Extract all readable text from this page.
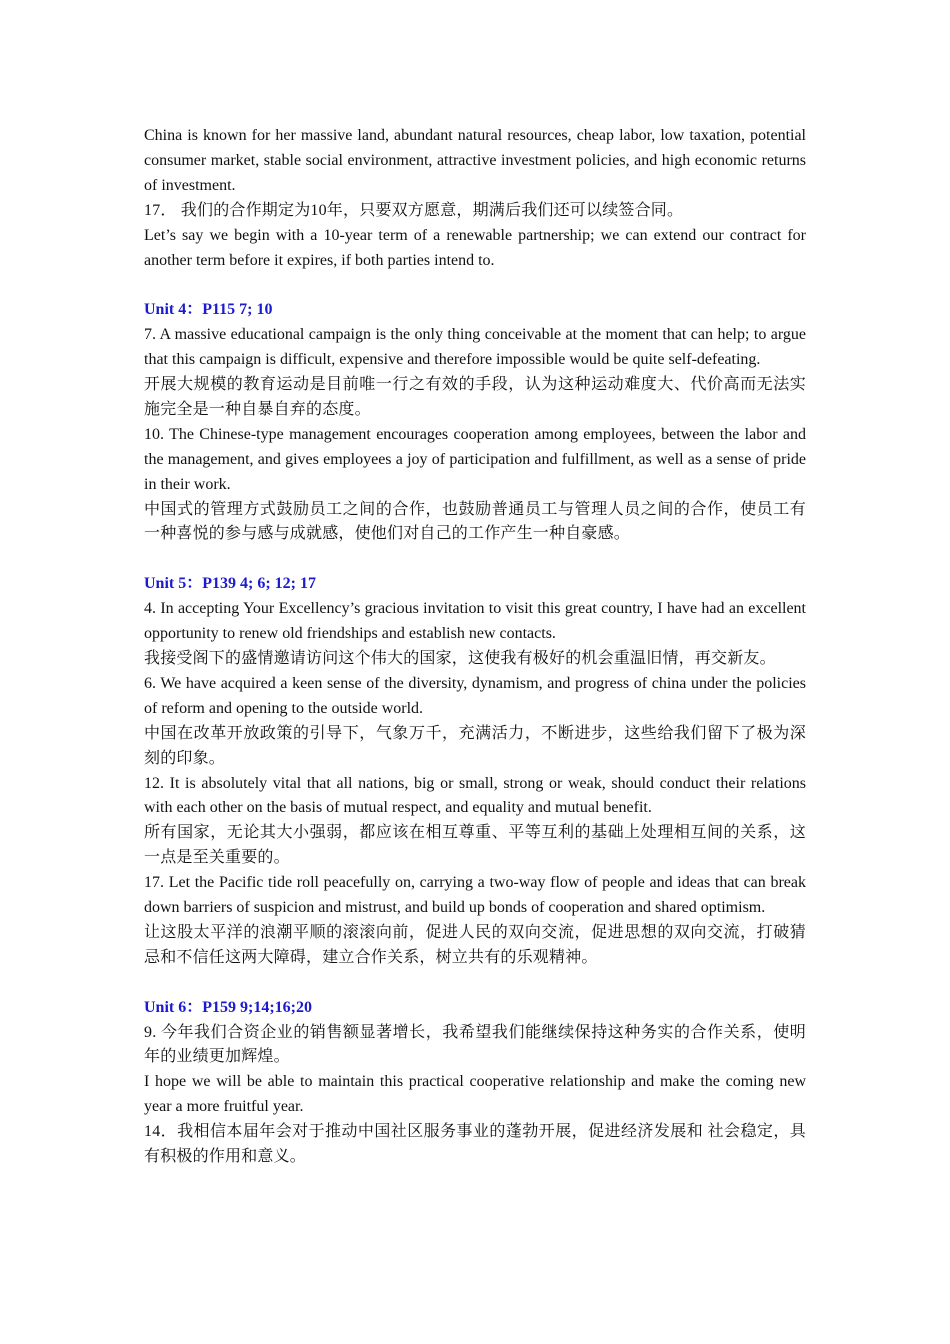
China is known for her massive land, abundant natural resources, cheap labor, low taxation, potential consumer market, stable social environment, attractive investment policies, and high economic returns of investment.

17． 我们的合作期定为10年，只要双方愿意，期满后我们还可以续签合同。

Let’s say we begin with a 10-year term of a renewable partnership; we can extend our contract for another term before it expires, if both parties intend to.

Unit 4：P115 7; 10

7. A massive educational campaign is the only thing conceivable at the moment that can help; to argue that this campaign is difficult, expensive and therefore impossible would be quite self-defeating.

开展大规模的教育运动是目前唯一行之有效的手段，认为这种运动难度大、代价高而无法实施完全是一种自暴自弃的态度。

10. The Chinese-type management encourages cooperation among employees, between the labor and the management, and gives employees a joy of participation and fulfillment, as well as a sense of pride in their work.

中国式的管理方式鼓励员工之间的合作，也鼓励普通员工与管理人员之间的合作，使员工有一种喜悦的参与感与成就感，使他们对自己的工作产生一种自豪感。

Unit 5：P139 4; 6; 12; 17

4. In accepting Your Excellency’s gracious invitation to visit this great country, I have had an excellent opportunity to renew old friendships and establish new contacts.

我接受阁下的盛情邀请访问这个伟大的国家，这使我有极好的机会重温旧情，再交新友。

6. We have acquired a keen sense of the diversity, dynamism, and progress of china under the policies of reform and opening to the outside world.

中国在改革开放政策的引导下，气象万千，充满活力，不断进步，这些给我们留下了极为深刻的印象。

12. It is absolutely vital that all nations, big or small, strong or weak, should conduct their relations with each other on the basis of mutual respect, and equality and mutual benefit.

所有国家，无论其大小强弱，都应该在相互尊重、平等互利的基础上处理相互间的关系，这一点是至关重要的。

17. Let the Pacific tide roll peacefully on, carrying a two-way flow of people and ideas that can break down barriers of suspicion and mistrust, and build up bonds of cooperation and shared optimism.

让这股太平洋的浪潮平顺的滚滚向前，促进人民的双向交流，促进思想的双向交流，打破猜忌和不信任这两大障碍，建立合作关系，树立共有的乐观精神。

Unit 6：P159 9;14;16;20

9. 今年我们合资企业的销售额显著增长，我希望我们能继续保持这种务实的合作关系，使明年的业绩更加辉煌。

I hope we will be able to maintain this practical cooperative relationship and make the coming new year a more fruitful year.

14．我相信本届年会对于推动中国社区服务事业的蓬勃开展，促进经济发展和 社会稳定，具有积极的作用和意义。
